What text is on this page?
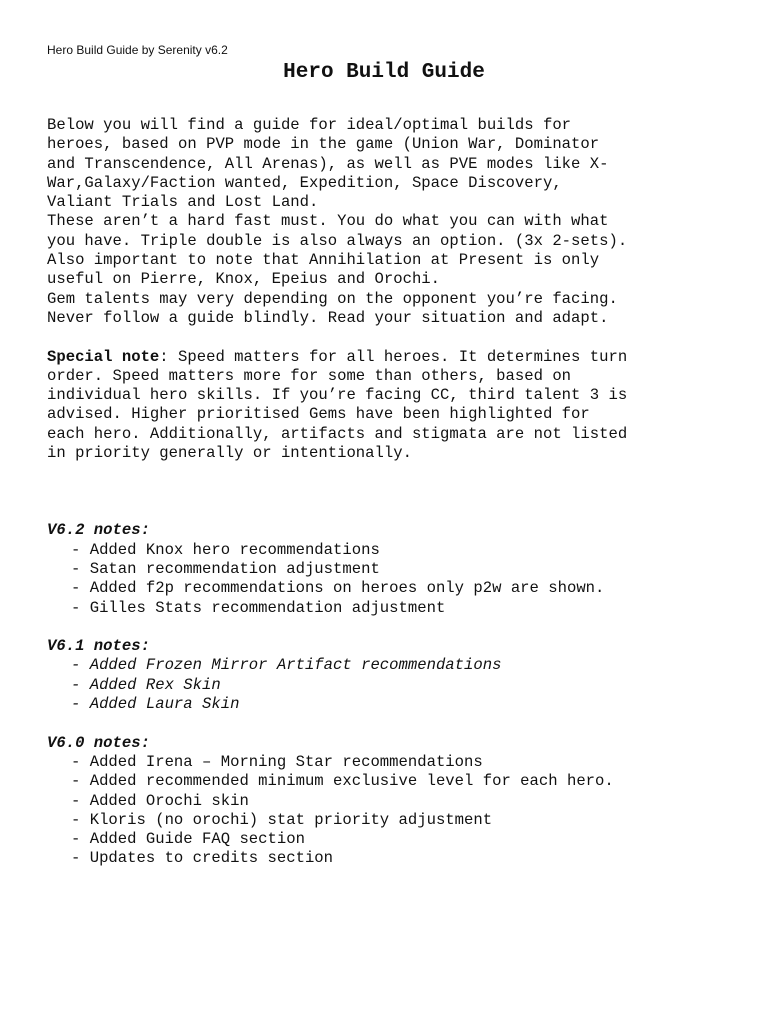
Hero Build Guide by Serenity v6.2
Hero Build Guide

Below you will find a guide for ideal/optimal builds for

heroes, based on PVP mode in the game (Union War, Dominator

and Transcendence, All Arenas), as well as PVE modes like X-

War,Galaxy/Faction wanted, Expedition, Space Discovery,

Valiant Trials and Lost Land.

These aren’t a hard fast must. You do what you can with what

you have. Triple double is also always an option. (3x 2-sets).

Also important to note that Annihilation at Present is only

useful on Pierre, Knox, Epeius and Orochi.

Gem talents may very depending on the opponent you’re facing.

Never follow a guide blindly. Read your situation and adapt.

Special note: Speed matters for all heroes. It determines turn

order. Speed matters more for some than others, based on

individual hero skills. If you’re facing CC, third talent 3 is

advised. Higher prioritised Gems have been highlighted for

each hero. Additionally, artifacts and stigmata are not listed

in priority generally or intentionally.

V6.2 notes:

- Added Knox hero recommendations
- Satan recommendation adjustment
- Added f2p recommendations on heroes only p2w are shown.
- Gilles Stats recommendation adjustment

V6.1 notes:

- Added Frozen Mirror Artifact recommendations
- Added Rex Skin
- Added Laura Skin

V6.0 notes:

- Added Irena – Morning Star recommendations
- Added recommended minimum exclusive level for each hero.
- Added Orochi skin
- Kloris (no orochi) stat priority adjustment
- Added Guide FAQ section
- Updates to credits section
